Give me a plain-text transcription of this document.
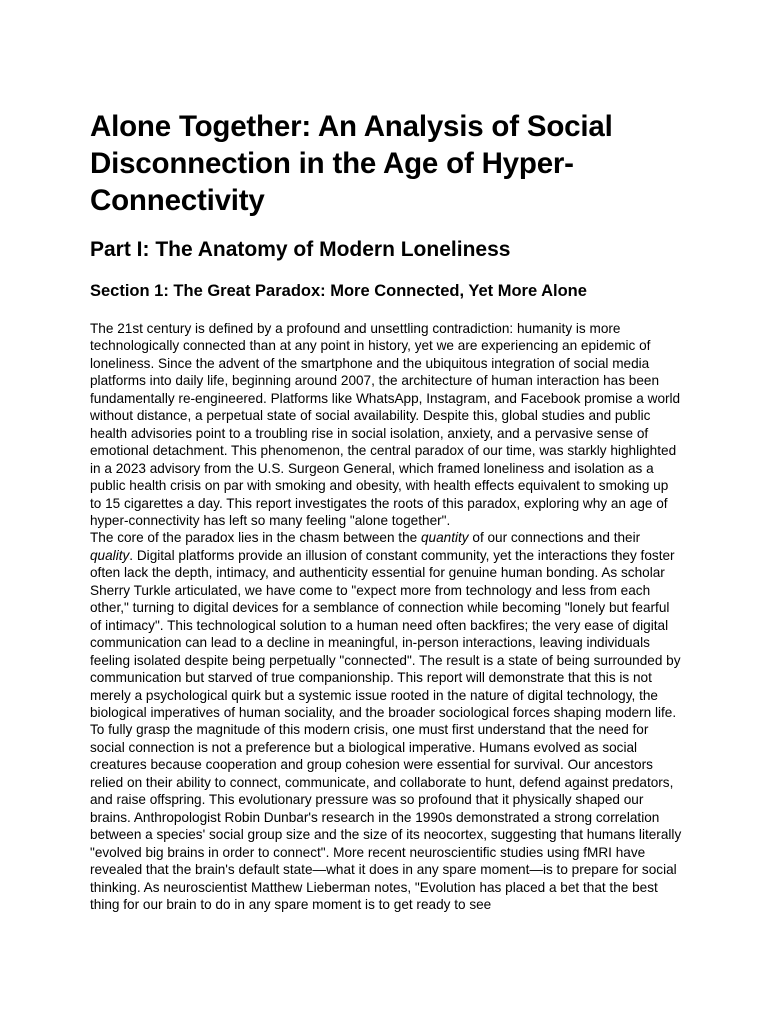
Alone Together: An Analysis of Social Disconnection in the Age of Hyper-Connectivity
Part I: The Anatomy of Modern Loneliness
Section 1: The Great Paradox: More Connected, Yet More Alone

The 21st century is defined by a profound and unsettling contradiction: humanity is more technologically connected than at any point in history, yet we are experiencing an epidemic of loneliness. Since the advent of the smartphone and the ubiquitous integration of social media platforms into daily life, beginning around 2007, the architecture of human interaction has been fundamentally re-engineered. Platforms like WhatsApp, Instagram, and Facebook promise a world without distance, a perpetual state of social availability. Despite this, global studies and public health advisories point to a troubling rise in social isolation, anxiety, and a pervasive sense of emotional detachment. This phenomenon, the central paradox of our time, was starkly highlighted in a 2023 advisory from the U.S. Surgeon General, which framed loneliness and isolation as a public health crisis on par with smoking and obesity, with health effects equivalent to smoking up to 15 cigarettes a day. This report investigates the roots of this paradox, exploring why an age of hyper-connectivity has left so many feeling "alone together".

The core of the paradox lies in the chasm between the quantity of our connections and their quality. Digital platforms provide an illusion of constant community, yet the interactions they foster often lack the depth, intimacy, and authenticity essential for genuine human bonding. As scholar Sherry Turkle articulated, we have come to "expect more from technology and less from each other," turning to digital devices for a semblance of connection while becoming "lonely but fearful of intimacy". This technological solution to a human need often backfires; the very ease of digital communication can lead to a decline in meaningful, in-person interactions, leaving individuals feeling isolated despite being perpetually "connected". The result is a state of being surrounded by communication but starved of true companionship. This report will demonstrate that this is not merely a psychological quirk but a systemic issue rooted in the nature of digital technology, the biological imperatives of human sociality, and the broader sociological forces shaping modern life.

To fully grasp the magnitude of this modern crisis, one must first understand that the need for social connection is not a preference but a biological imperative. Humans evolved as social creatures because cooperation and group cohesion were essential for survival. Our ancestors relied on their ability to connect, communicate, and collaborate to hunt, defend against predators, and raise offspring. This evolutionary pressure was so profound that it physically shaped our brains. Anthropologist Robin Dunbar's research in the 1990s demonstrated a strong correlation between a species' social group size and the size of its neocortex, suggesting that humans literally "evolved big brains in order to connect". More recent neuroscientific studies using fMRI have revealed that the brain's default state—what it does in any spare moment—is to prepare for social thinking. As neuroscientist Matthew Lieberman notes, "Evolution has placed a bet that the best thing for our brain to do in any spare moment is to get ready to see
